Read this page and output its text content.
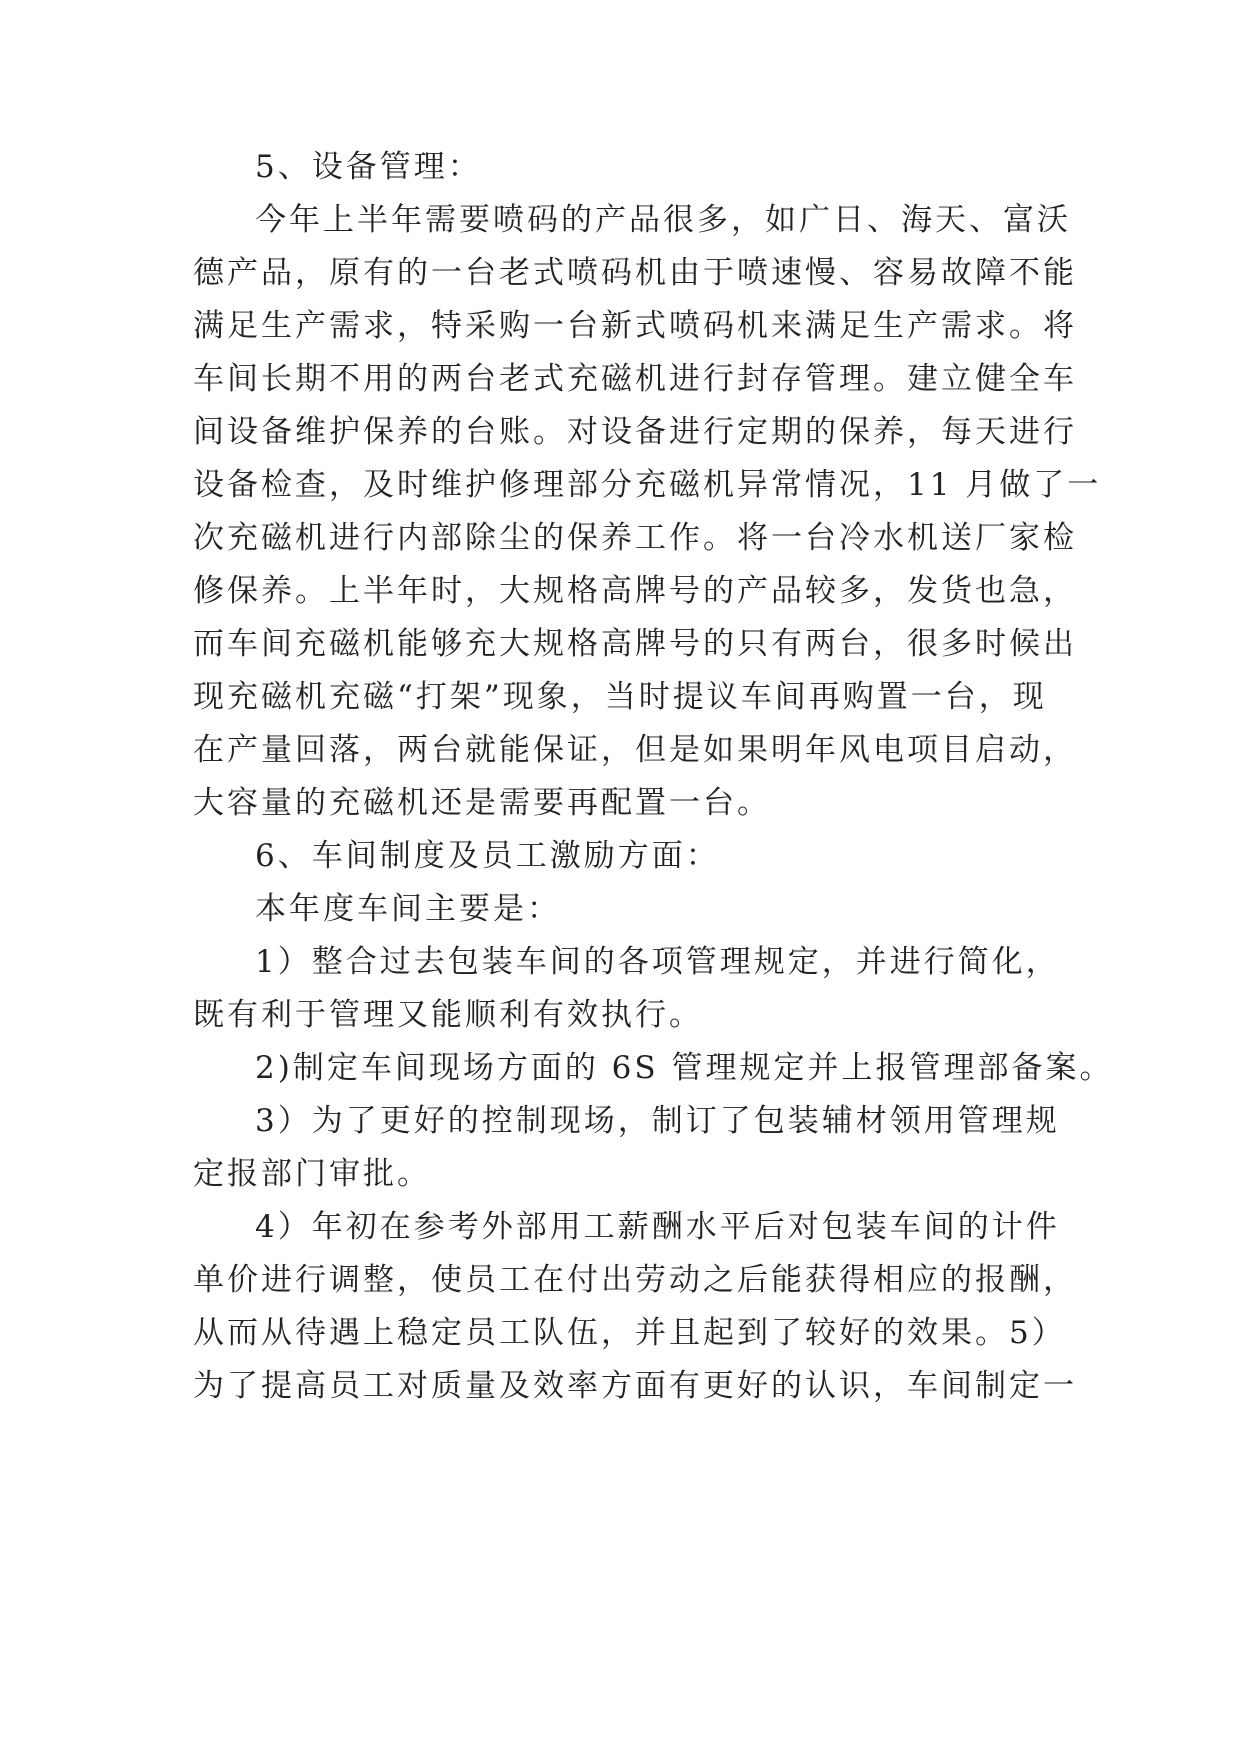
5、设备管理：
今年上半年需要喷码的产品很多，如广日、海天、富沃
德产品，原有的一台老式喷码机由于喷速慢、容易故障不能
满足生产需求，特采购一台新式喷码机来满足生产需求。将
车间长期不用的两台老式充磁机进行封存管理。建立健全车
间设备维护保养的台账。对设备进行定期的保养，每天进行
设备检查，及时维护修理部分充磁机异常情况，11 月做了一
次充磁机进行内部除尘的保养工作。将一台冷水机送厂家检
修保养。上半年时，大规格高牌号的产品较多，发货也急，
而车间充磁机能够充大规格高牌号的只有两台，很多时候出
现充磁机充磁“打架”现象，当时提议车间再购置一台，现
在产量回落，两台就能保证，但是如果明年风电项目启动，
大容量的充磁机还是需要再配置一台。
6、车间制度及员工激励方面：
本年度车间主要是：
1）整合过去包装车间的各项管理规定，并进行简化，
既有利于管理又能顺利有效执行。
2)制定车间现场方面的 6S 管理规定并上报管理部备案。
3）为了更好的控制现场，制订了包装辅材领用管理规
定报部门审批。
4）年初在参考外部用工薪酬水平后对包装车间的计件
单价进行调整，使员工在付出劳动之后能获得相应的报酬，
从而从待遇上稳定员工队伍，并且起到了较好的效果。5）
为了提高员工对质量及效率方面有更好的认识，车间制定一
